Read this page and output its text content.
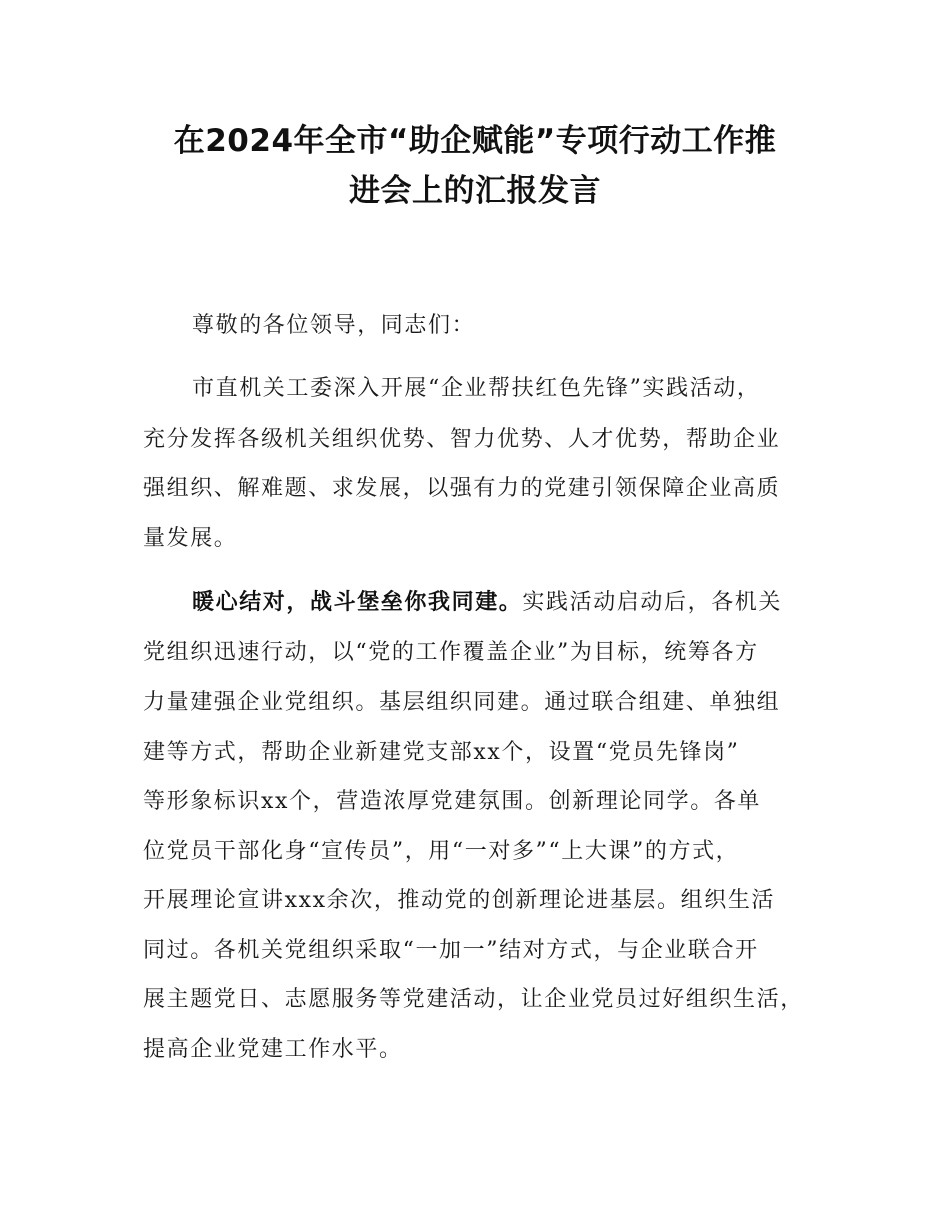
在2024年全市“助企赋能”专项行动工作推
进会上的汇报发言
尊敬的各位领导，同志们：
市直机关工委深入开展“企业帮扶红色先锋”实践活动，
充分发挥各级机关组织优势、智力优势、人才优势，帮助企业
强组织、解难题、求发展，以强有力的党建引领保障企业高质
量发展。
暖心结对，战斗堡垒你我同建。实践活动启动后，各机关
党组织迅速行动，以“党的工作覆盖企业”为目标，统筹各方
力量建强企业党组织。基层组织同建。通过联合组建、单独组
建等方式，帮助企业新建党支部xx个，设置“党员先锋岗”
等形象标识xx个，营造浓厚党建氛围。创新理论同学。各单
位党员干部化身“宣传员”，用“一对多”“上大课”的方式，
开展理论宣讲xxx余次，推动党的创新理论进基层。组织生活
同过。各机关党组织采取“一加一”结对方式，与企业联合开
展主题党日、志愿服务等党建活动，让企业党员过好组织生活，
提高企业党建工作水平。
